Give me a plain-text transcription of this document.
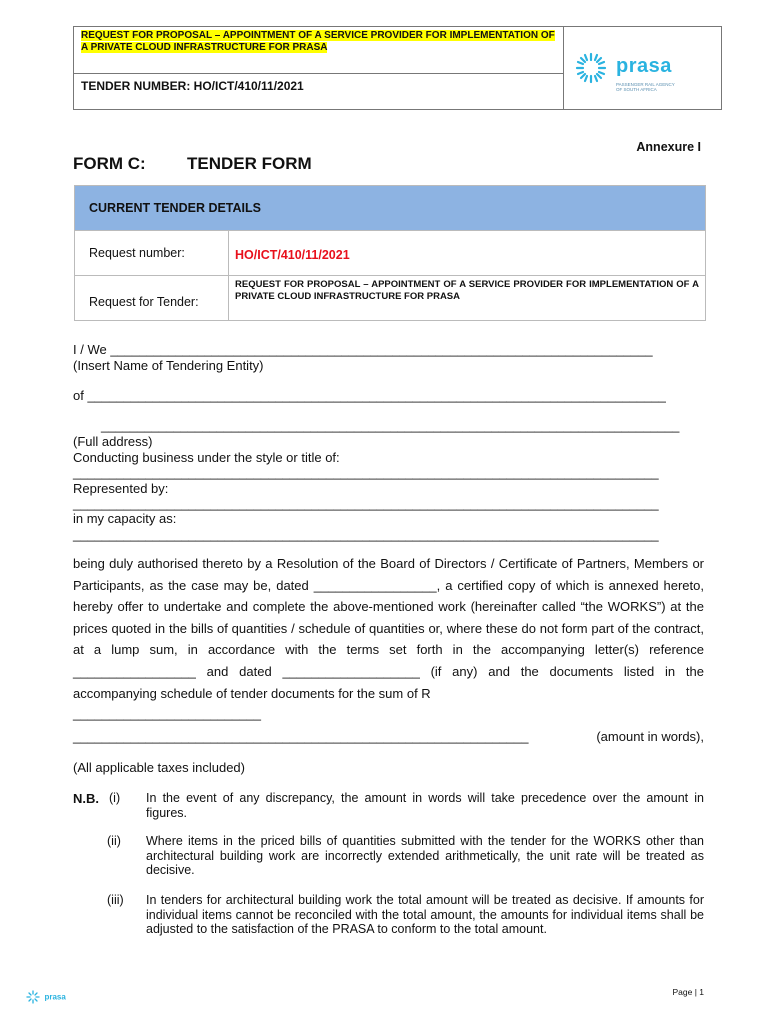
REQUEST FOR PROPOSAL – APPOINTMENT OF A SERVICE PROVIDER FOR IMPLEMENTATION OF A PRIVATE CLOUD INFRASTRUCTURE FOR PRASA
TENDER NUMBER: HO/ICT/410/11/2021
prasa
PASSENGER RAIL AGENCY
OF SOUTH AFRICA
Annexure I
FORM C: TENDER FORM
CURRENT TENDER DETAILS
Request number:	HO/ICT/410/11/2021
Request for Tender:
REQUEST FOR PROPOSAL – APPOINTMENT OF A SERVICE PROVIDER FOR IMPLEMENTATION OF A PRIVATE CLOUD INFRASTRUCTURE FOR PRASA
I / We ___________________________________________________________________________
(Insert Name of Tendering Entity)
of ________________________________________________________________________________
________________________________________________________________________________
(Full address)
Conducting business under the style or title of:
_________________________________________________________________________________
Represented by:
_________________________________________________________________________________
in my capacity as:
_________________________________________________________________________________
being duly authorised thereto by a Resolution of the Board of Directors / Certificate of Partners, Members or Participants, as the case may be, dated _________________, a certified copy of which is annexed hereto, hereby offer to undertake and complete the above-mentioned work (hereinafter called “the WORKS”) at the prices quoted in the bills of quantities / schedule of quantities or, where these do not form part of the contract, at a lump sum, in accordance with the terms set forth in the accompanying letter(s) reference _________________ and dated ___________________ (if any) and the documents listed in the accompanying schedule of tender documents for the sum of R
__________________________
_______________________________________________________________	(amount in words),
(All applicable taxes included)
N.B. (i) In the event of any discrepancy, the amount in words will take precedence over the amount in figures.
(ii) Where items in the priced bills of quantities submitted with the tender for the WORKS other than architectural building work are incorrectly extended arithmetically, the unit rate will be treated as decisive.
(iii) In tenders for architectural building work the total amount will be treated as decisive. If amounts for individual items cannot be reconciled with the total amount, the amounts for individual items shall be adjusted to the satisfaction of the PRASA to conform to the total amount.
prasa	Page | 1
